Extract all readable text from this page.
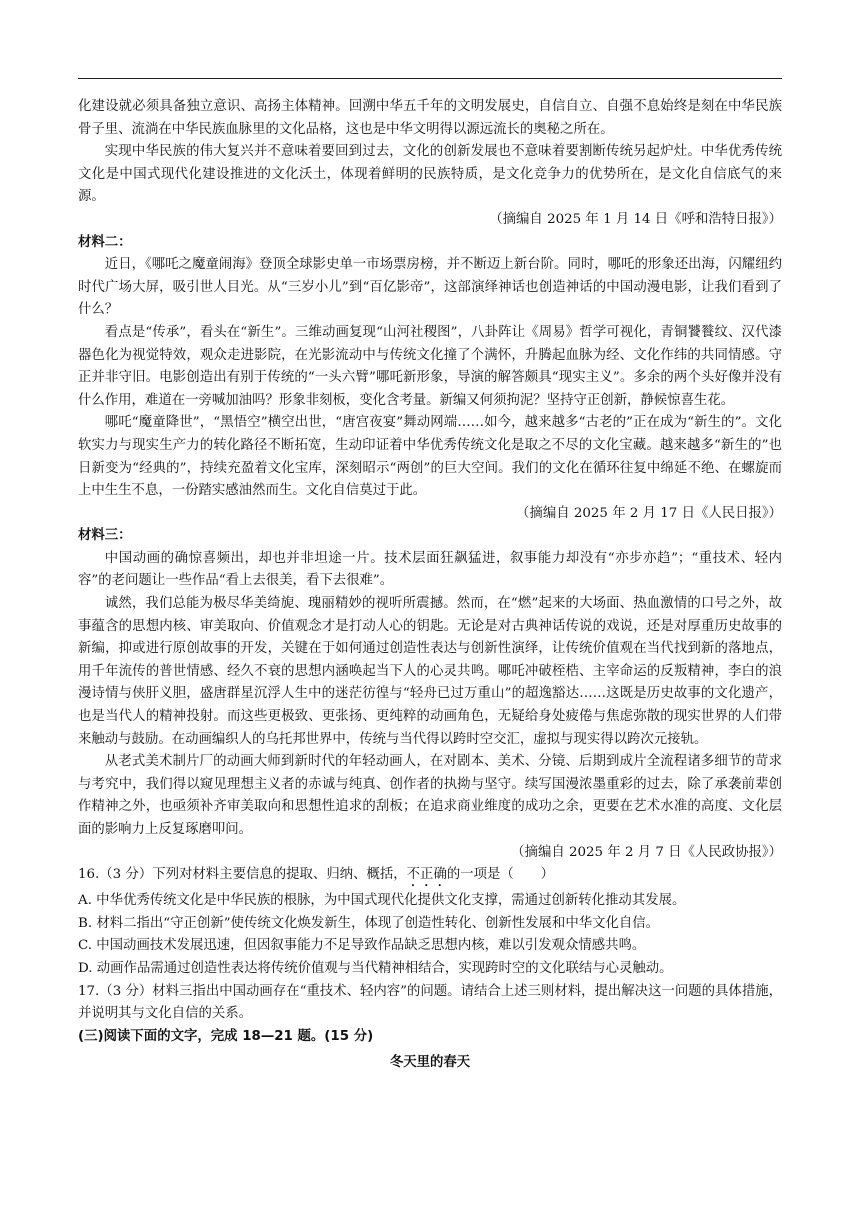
化建设就必须具备独立意识、高扬主体精神。回溯中华五千年的文明发展史，自信自立、自强不息始终是刻在中华民族骨子里、流淌在中华民族血脉里的文化品格，这也是中华文明得以源远流长的奥秘之所在。

实现中华民族的伟大复兴并不意味着要回到过去，文化的创新发展也不意味着要割断传统另起炉灶。中华优秀传统文化是中国式现代化建设推进的文化沃土，体现着鲜明的民族特质，是文化竞争力的优势所在，是文化自信底气的来源。

（摘编自 2025 年 1 月 14 日《呼和浩特日报》）

材料二：

近日，《哪吒之魔童闹海》登顶全球影史单一市场票房榜，并不断迈上新台阶。同时，哪吒的形象还出海，闪耀纽约时代广场大屏，吸引世人目光。从“三岁小儿”到“百亿影帝”，这部演绎神话也创造神话的中国动漫电影，让我们看到了什么？

看点是“传承”，看头在“新生”。三维动画复现“山河社稷图”，八卦阵让《周易》哲学可视化，青铜饕餮纹、汉代漆器色化为视觉特效，观众走进影院，在光影流动中与传统文化撞了个满怀，升腾起血脉为经、文化作纬的共同情感。守正并非守旧。电影创造出有别于传统的“一头六臂”哪吒新形象，导演的解答颇具“现实主义”。多余的两个头好像并没有什么作用，难道在一旁喊加油吗？形象非刻板，变化含考量。新编又何须拘泥？坚持守正创新，静候惊喜生花。

哪吒“魔童降世”，“黑悟空”横空出世，“唐宫夜宴”舞动网端……如今，越来越多“古老的”正在成为“新生的”。文化软实力与现实生产力的转化路径不断拓宽，生动印证着中华优秀传统文化是取之不尽的文化宝藏。越来越多“新生的”也日新变为“经典的”，持续充盈着文化宝库，深刻昭示“两创”的巨大空间。我们的文化在循环往复中绵延不绝、在螺旋而上中生生不息，一份踏实感油然而生。文化自信莫过于此。

（摘编自 2025 年 2 月 17 日《人民日报》）

材料三：

中国动画的确惊喜频出，却也并非坦途一片。技术层面狂飙猛进，叙事能力却没有“亦步亦趋”；“重技术、轻内容”的老问题让一些作品“看上去很美，看下去很难”。

诚然，我们总能为极尽华美绮旎、瑰丽精妙的视听所震撼。然而，在“燃”起来的大场面、热血激情的口号之外，故事蕴含的思想内核、审美取向、价值观念才是打动人心的钥匙。无论是对古典神话传说的戏说，还是对厚重历史故事的新编，抑或进行原创故事的开发，关键在于如何通过创造性表达与创新性演绎，让传统价值观在当代找到新的落地点，用千年流传的普世情感、经久不衰的思想内涵唤起当下人的心灵共鸣。哪吒冲破桎梏、主宰命运的反叛精神，李白的浪漫诗情与侠肝义胆，盛唐群星沉浮人生中的迷茫彷徨与“轻舟已过万重山”的超逸豁达……这既是历史故事的文化遗产，也是当代人的精神投射。而这些更极致、更张扬、更纯粹的动画角色，无疑给身处疲倦与焦虑弥散的现实世界的人们带来触动与鼓励。在动画编织人的乌托邦世界中，传统与当代得以跨时空交汇，虚拟与现实得以跨次元接轨。

从老式美术制片厂的动画大师到新时代的年轻动画人，在对剧本、美术、分镜、后期到成片全流程诸多细节的苛求与考究中，我们得以窥见理想主义者的赤诚与纯真、创作者的执拗与坚守。续写国漫浓墨重彩的过去，除了承袭前辈创作精神之外，也亟须补齐审美取向和思想性追求的刮板；在追求商业维度的成功之余，更要在艺术水准的高度、文化层面的影响力上反复琢磨叩问。

（摘编自 2025 年 2 月 7 日《人民政协报》）

16.（3 分）下列对材料主要信息的提取、归纳、概括，不正确的一项是（　　）

A. 中华优秀传统文化是中华民族的根脉，为中国式现代化提供文化支撑，需通过创新转化推动其发展。

B. 材料二指出“守正创新”使传统文化焕发新生，体现了创造性转化、创新性发展和中华文化自信。

C. 中国动画技术发展迅速，但因叙事能力不足导致作品缺乏思想内核，难以引发观众情感共鸣。

D. 动画作品需通过创造性表达将传统价值观与当代精神相结合，实现跨时空的文化联结与心灵触动。

17.（3 分）材料三指出中国动画存在“重技术、轻内容”的问题。请结合上述三则材料，提出解决这一问题的具体措施，并说明其与文化自信的关系。

(三)阅读下面的文字，完成 18—21 题。(15 分)

冬天里的春天
